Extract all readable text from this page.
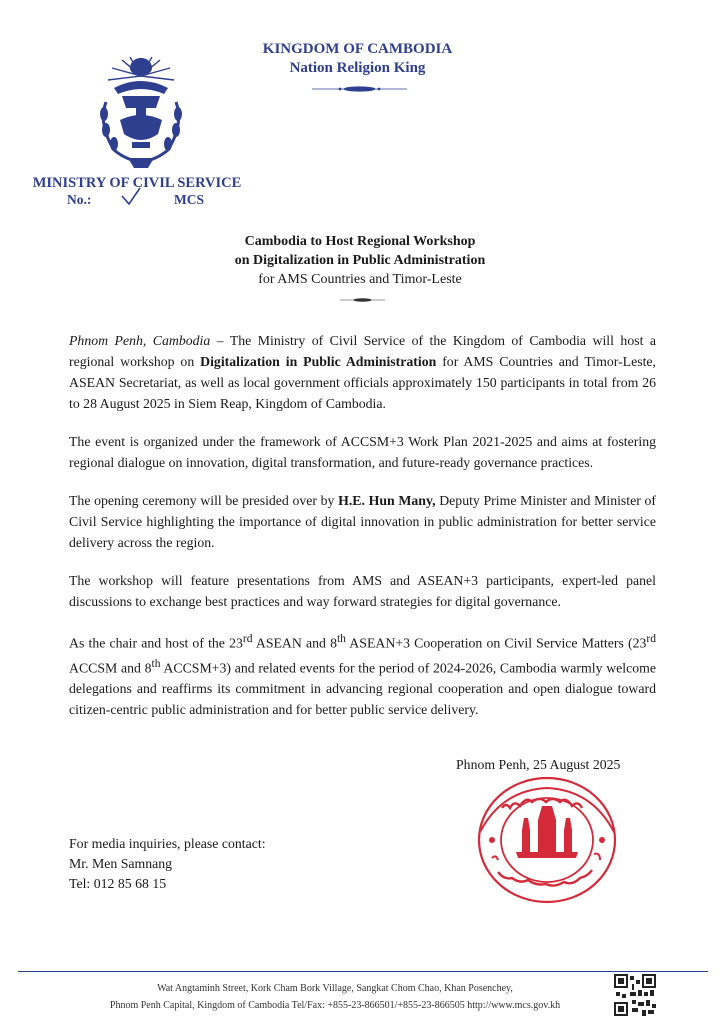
KINGDOM OF CAMBODIA
Nation Religion King
MINISTRY OF CIVIL SERVICE
No.:	MCS
Cambodia to Host Regional Workshop
on Digitalization in Public Administration
for AMS Countries and Timor-Leste

Phnom Penh, Cambodia – The Ministry of Civil Service of the Kingdom of Cambodia will host a regional workshop on Digitalization in Public Administration for AMS Countries and Timor-Leste, ASEAN Secretariat, as well as local government officials approximately 150 participants in total from 26 to 28 August 2025 in Siem Reap, Kingdom of Cambodia.

The event is organized under the framework of ACCSM+3 Work Plan 2021-2025 and aims at fostering regional dialogue on innovation, digital transformation, and future-ready governance practices.

The opening ceremony will be presided over by H.E. Hun Many, Deputy Prime Minister and Minister of Civil Service highlighting the importance of digital innovation in public administration for better service delivery across the region.

The workshop will feature presentations from AMS and ASEAN+3 participants, expert-led panel discussions to exchange best practices and way forward strategies for digital governance.

As the chair and host of the 23rd ASEAN and 8th ASEAN+3 Cooperation on Civil Service Matters (23rd ACCSM and 8th ACCSM+3) and related events for the period of 2024-2026, Cambodia warmly welcome delegations and reaffirms its commitment in advancing regional cooperation and open dialogue toward citizen-centric public administration and for better public service delivery.

Phnom Penh, 25 August 2025
For media inquiries, please contact:
Mr. Men Samnang
Tel: 012 85 68 15
Wat Angtaminh Street, Kork Cham Bork Village, Sangkat Chom Chao, Khan Posenchey,
Phnom Penh Capital, Kingdom of Cambodia Tel/Fax: +855-23-866501/+855-23-866505 http://www.mcs.gov.kh
